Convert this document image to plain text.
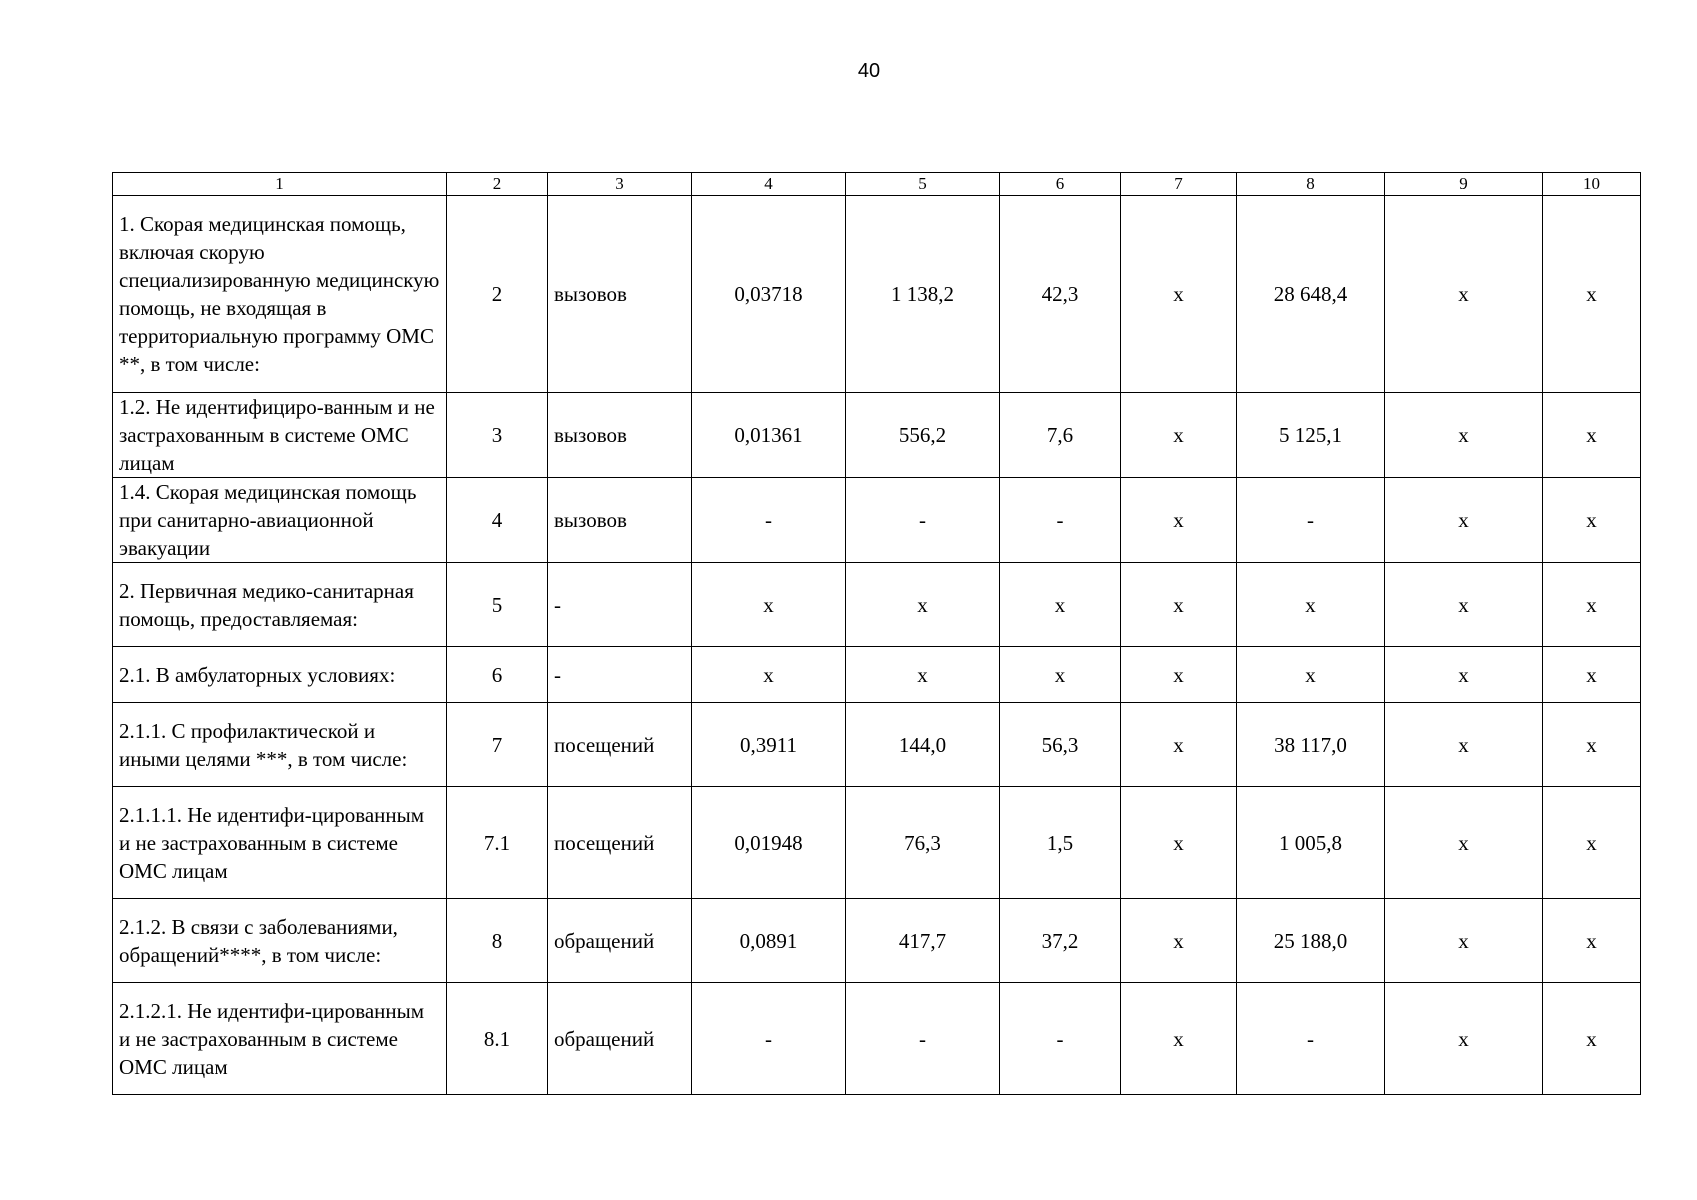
40
1	2	3	4	5	6	7	8	9	10
1. Скорая медицинская помощь, включая скорую специализированную медицинскую помощь, не входящая в территориальную программу ОМС **, в том числе:	2	вызовов	0,03718	1 138,2	42,3	х	28 648,4	х	х
1.2. Не идентифициро-ванным и не застрахованным в системе ОМС лицам	3	вызовов	0,01361	556,2	7,6	х	5 125,1	х	х
1.4. Скорая медицинская помощь при санитарно-авиационной эвакуации	4	вызовов	-	-	-	х	-	х	х
2. Первичная медико-санитарная помощь, предоставляемая:	5	-	х	х	х	х	х	х	х
2.1. В амбулаторных условиях:	6	-	х	х	х	х	х	х	х
2.1.1. С профилактической и иными целями ***, в том числе:	7	посещений	0,3911	144,0	56,3	х	38 117,0	х	х
2.1.1.1. Не идентифи-цированным и не застрахованным в системе ОМС лицам	7.1	посещений	0,01948	76,3	1,5	х	1 005,8	х	х
2.1.2. В связи с заболеваниями, обращений****, в том числе:	8	обращений	0,0891	417,7	37,2	х	25 188,0	х	х
2.1.2.1. Не идентифи-цированным и не застрахованным в системе ОМС лицам	8.1	обращений	-	-	-	х	-	х	х
